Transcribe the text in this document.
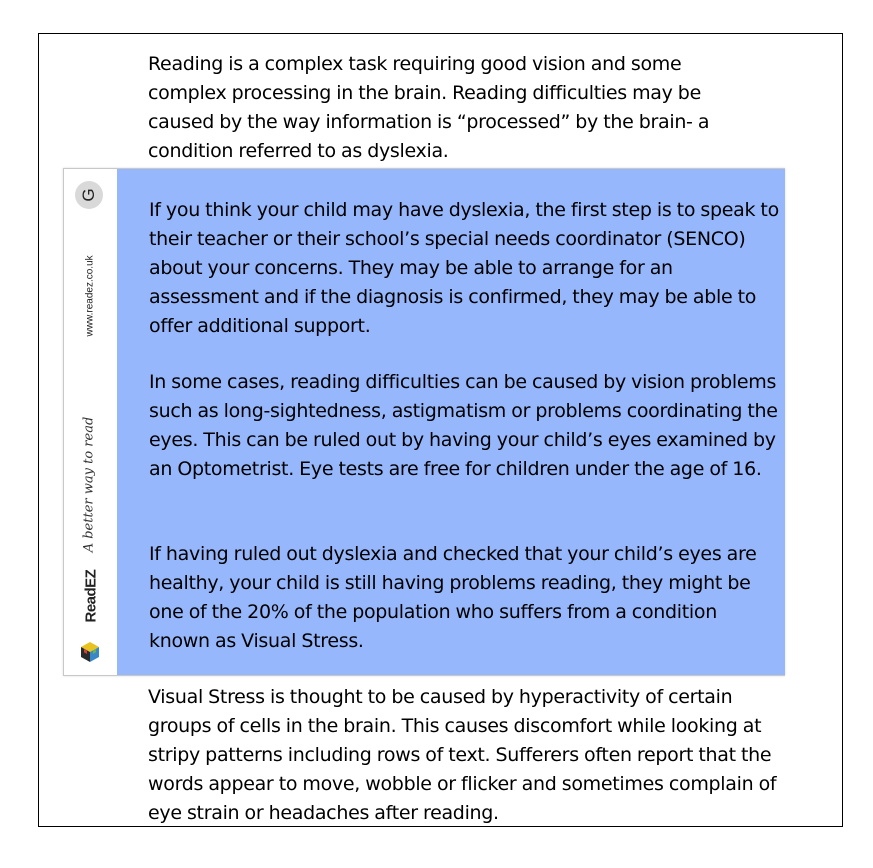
Reading is a complex task requiring good vision and some complex processing in the brain. Reading difficulties may be caused by the way information is “processed” by the brain- a condition referred to as dyslexia.

G
www.readez.co.uk
A better way to read
ReadEZ

If you think your child may have dyslexia, the first step is to speak to their teacher or their school’s special needs coordinator (SENCO) about your concerns. They may be able to arrange for an assessment and if the diagnosis is confirmed, they may be able to offer additional support.

In some cases, reading difficulties can be caused by vision problems such as long-sightedness, astigmatism or problems coordinating the eyes. This can be ruled out by having your child’s eyes examined by an Optometrist. Eye tests are free for children under the age of 16.

If having ruled out dyslexia and checked that your child’s eyes are healthy, your child is still having problems reading, they might be one of the 20% of the population who suffers from a condition known as Visual Stress.

Visual Stress is thought to be caused by hyperactivity of certain groups of cells in the brain. This causes discomfort while looking at stripy patterns including rows of text. Sufferers often report that the words appear to move, wobble or flicker and sometimes complain of eye strain or headaches after reading.
